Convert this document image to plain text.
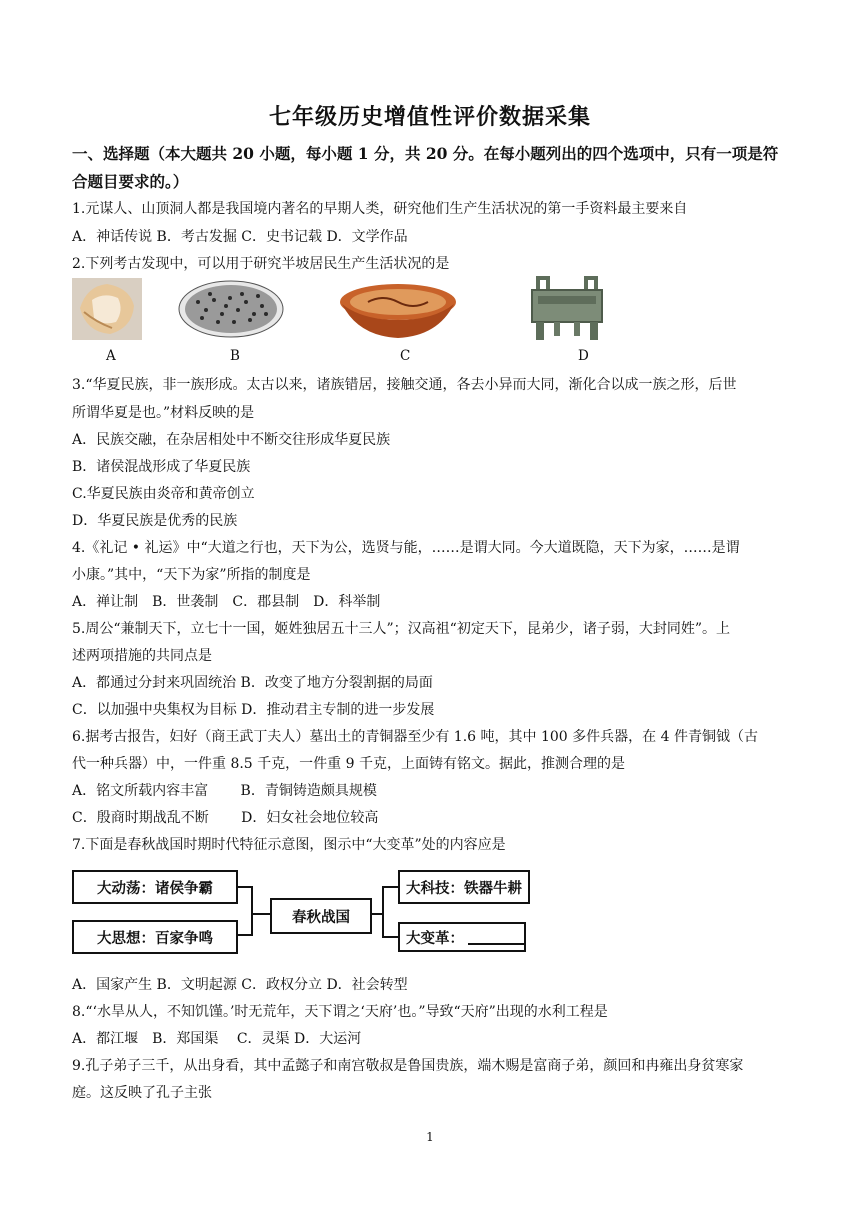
七年级历史增值性评价数据采集
一、选择题（本大题共 20 小题，每小题 1 分，共 20 分。在每小题列出的四个选项中，只有一项是符合题目要求的。）
1.元谋人、山顶洞人都是我国境内著名的早期人类，研究他们生产生活状况的第一手资料最主要来自
A．神话传说 B．考古发掘 C．史书记载 D．文学作品
2.下列考古发现中，可以用于研究半坡居民生产生活状况的是
A	B	C	D
3.“华夏民族，非一族形成。太古以来，诸族错居，接触交通，各去小异而大同，渐化合以成一族之形，后世
所谓华夏是也。”材料反映的是
A．民族交融，在杂居相处中不断交往形成华夏民族
B．诸侯混战形成了华夏民族
C.华夏民族由炎帝和黄帝创立
D．华夏民族是优秀的民族
4.《礼记 • 礼运》中“大道之行也，天下为公，选贤与能，……是谓大同。今大道既隐，天下为家，……是谓
小康。”其中，“天下为家”所指的制度是
A．禅让制　B．世袭制　C．郡县制　D．科举制
5.周公“兼制天下，立七十一国，姬姓独居五十三人”；汉高祖“初定天下，昆弟少，诸子弱，大封同姓”。上
述两项措施的共同点是
A．都通过分封来巩固统治 B．改变了地方分裂割据的局面
C．以加强中央集权为目标 D．推动君主专制的进一步发展
6.据考古报告，妇好（商王武丁夫人）墓出土的青铜器至少有 1.6 吨，其中 100 多件兵器，在 4 件青铜钺（古
代一种兵器）中，一件重 8.5 千克，一件重 9 千克，上面铸有铭文。据此，推测合理的是
A．铭文所载内容丰富　　 B．青铜铸造颇具规模
C．殷商时期战乱不断　　 D．妇女社会地位较高
7.下面是春秋战国时期时代特征示意图，图示中“大变革”处的内容应是
大动荡：诸侯争霸
大思想：百家争鸣
春秋战国
大科技：铁器牛耕
大变革：
A．国家产生 B．文明起源 C．政权分立 D．社会转型
8.“‘水旱从人，不知饥馑。’时无荒年，天下谓之‘天府’也。”导致“天府”出现的水利工程是
A．都江堰　B．郑国渠　 C．灵渠 D．大运河
9.孔子弟子三千，从出身看，其中孟懿子和南宫敬叔是鲁国贵族，端木赐是富商子弟，颜回和冉雍出身贫寒家
庭。这反映了孔子主张
1
